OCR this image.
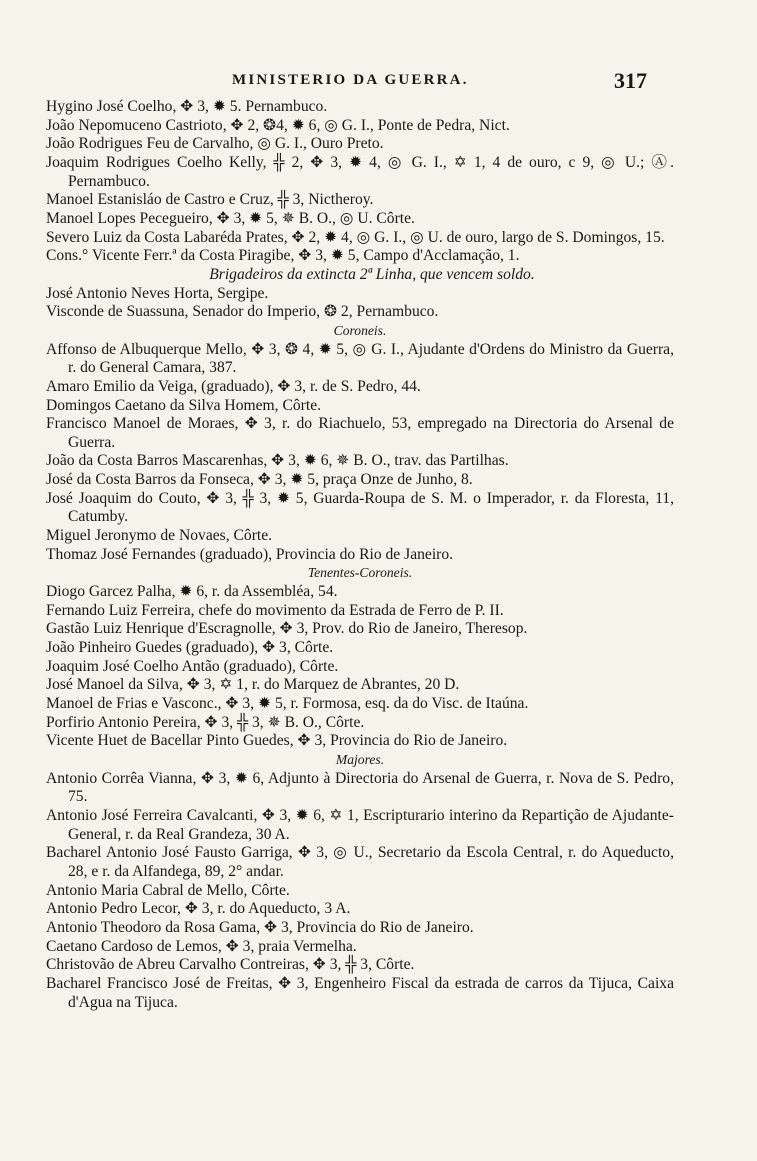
MINISTERIO DA GUERRA.	317

Hygino José Coelho, ✥ 3, ✹ 5. Pernambuco.

João Nepomuceno Castrioto, ✥ 2, ❂4, ✹ 6, ◎ G. I., Ponte de Pedra, Nict.

João Rodrigues Feu de Carvalho, ◎ G. I., Ouro Preto.

Joaquim Rodrigues Coelho Kelly, ╬ 2, ✥ 3, ✹ 4, ◎ G. I., ✡ 1, 4 de ouro, c 9, ◎ U.; Ⓐ. Pernambuco.

Manoel Estanisláo de Castro e Cruz, ╬ 3, Nictheroy.

Manoel Lopes Pecegueiro, ✥ 3, ✹ 5, ✵ B. O., ◎ U. Côrte.

Severo Luiz da Costa Labaréda Prates, ✥ 2, ✹ 4, ◎ G. I., ◎ U. de ouro, largo de S. Domingos, 15.

Cons.° Vicente Ferr.ª da Costa Piragibe, ✥ 3, ✹ 5, Campo d'Acclamação, 1.

Brigadeiros da extincta 2ª Linha, que vencem soldo.

José Antonio Neves Horta, Sergipe.

Visconde de Suassuna, Senador do Imperio, ❂ 2, Pernambuco.

Coroneis.

Affonso de Albuquerque Mello, ✥ 3, ❂ 4, ✹ 5, ◎ G. I., Ajudante d'Ordens do Ministro da Guerra, r. do General Camara, 387.

Amaro Emilio da Veiga, (graduado), ✥ 3, r. de S. Pedro, 44.

Domingos Caetano da Silva Homem, Côrte.

Francisco Manoel de Moraes, ✥ 3, r. do Riachuelo, 53, empregado na Directoria do Arsenal de Guerra.

João da Costa Barros Mascarenhas, ✥ 3, ✹ 6, ✵ B. O., trav. das Partilhas.

José da Costa Barros da Fonseca, ✥ 3, ✹ 5, praça Onze de Junho, 8.

José Joaquim do Couto, ✥ 3, ╬ 3, ✹ 5, Guarda-Roupa de S. M. o Imperador, r. da Floresta, 11, Catumby.

Miguel Jeronymo de Novaes, Côrte.

Thomaz José Fernandes (graduado), Provincia do Rio de Janeiro.

Tenentes-Coroneis.

Diogo Garcez Palha, ✹ 6, r. da Assembléa, 54.

Fernando Luiz Ferreira, chefe do movimento da Estrada de Ferro de P. II.

Gastão Luiz Henrique d'Escragnolle, ✥ 3, Prov. do Rio de Janeiro, Theresop.

João Pinheiro Guedes (graduado), ✥ 3, Côrte.

Joaquim José Coelho Antão (graduado), Côrte.

José Manoel da Silva, ✥ 3, ✡ 1, r. do Marquez de Abrantes, 20 D.

Manoel de Frias e Vasconc., ✥ 3, ✹ 5, r. Formosa, esq. da do Visc. de Itaúna.

Porfirio Antonio Pereira, ✥ 3, ╬ 3, ✵ B. O., Côrte.

Vicente Huet de Bacellar Pinto Guedes, ✥ 3, Provincia do Rio de Janeiro.

Majores.

Antonio Corrêa Vianna, ✥ 3, ✹ 6, Adjunto à Directoria do Arsenal de Guerra, r. Nova de S. Pedro, 75.

Antonio José Ferreira Cavalcanti, ✥ 3, ✹ 6, ✡ 1, Escripturario interino da Repartição de Ajudante-General, r. da Real Grandeza, 30 A.

Bacharel Antonio José Fausto Garriga, ✥ 3, ◎ U., Secretario da Escola Central, r. do Aqueducto, 28, e r. da Alfandega, 89, 2° andar.

Antonio Maria Cabral de Mello, Côrte.

Antonio Pedro Lecor, ✥ 3, r. do Aqueducto, 3 A.

Antonio Theodoro da Rosa Gama, ✥ 3, Provincia do Rio de Janeiro.

Caetano Cardoso de Lemos, ✥ 3, praia Vermelha.

Christovão de Abreu Carvalho Contreiras, ✥ 3, ╬ 3, Côrte.

Bacharel Francisco José de Freitas, ✥ 3, Engenheiro Fiscal da estrada de carros da Tijuca, Caixa d'Agua na Tijuca.
